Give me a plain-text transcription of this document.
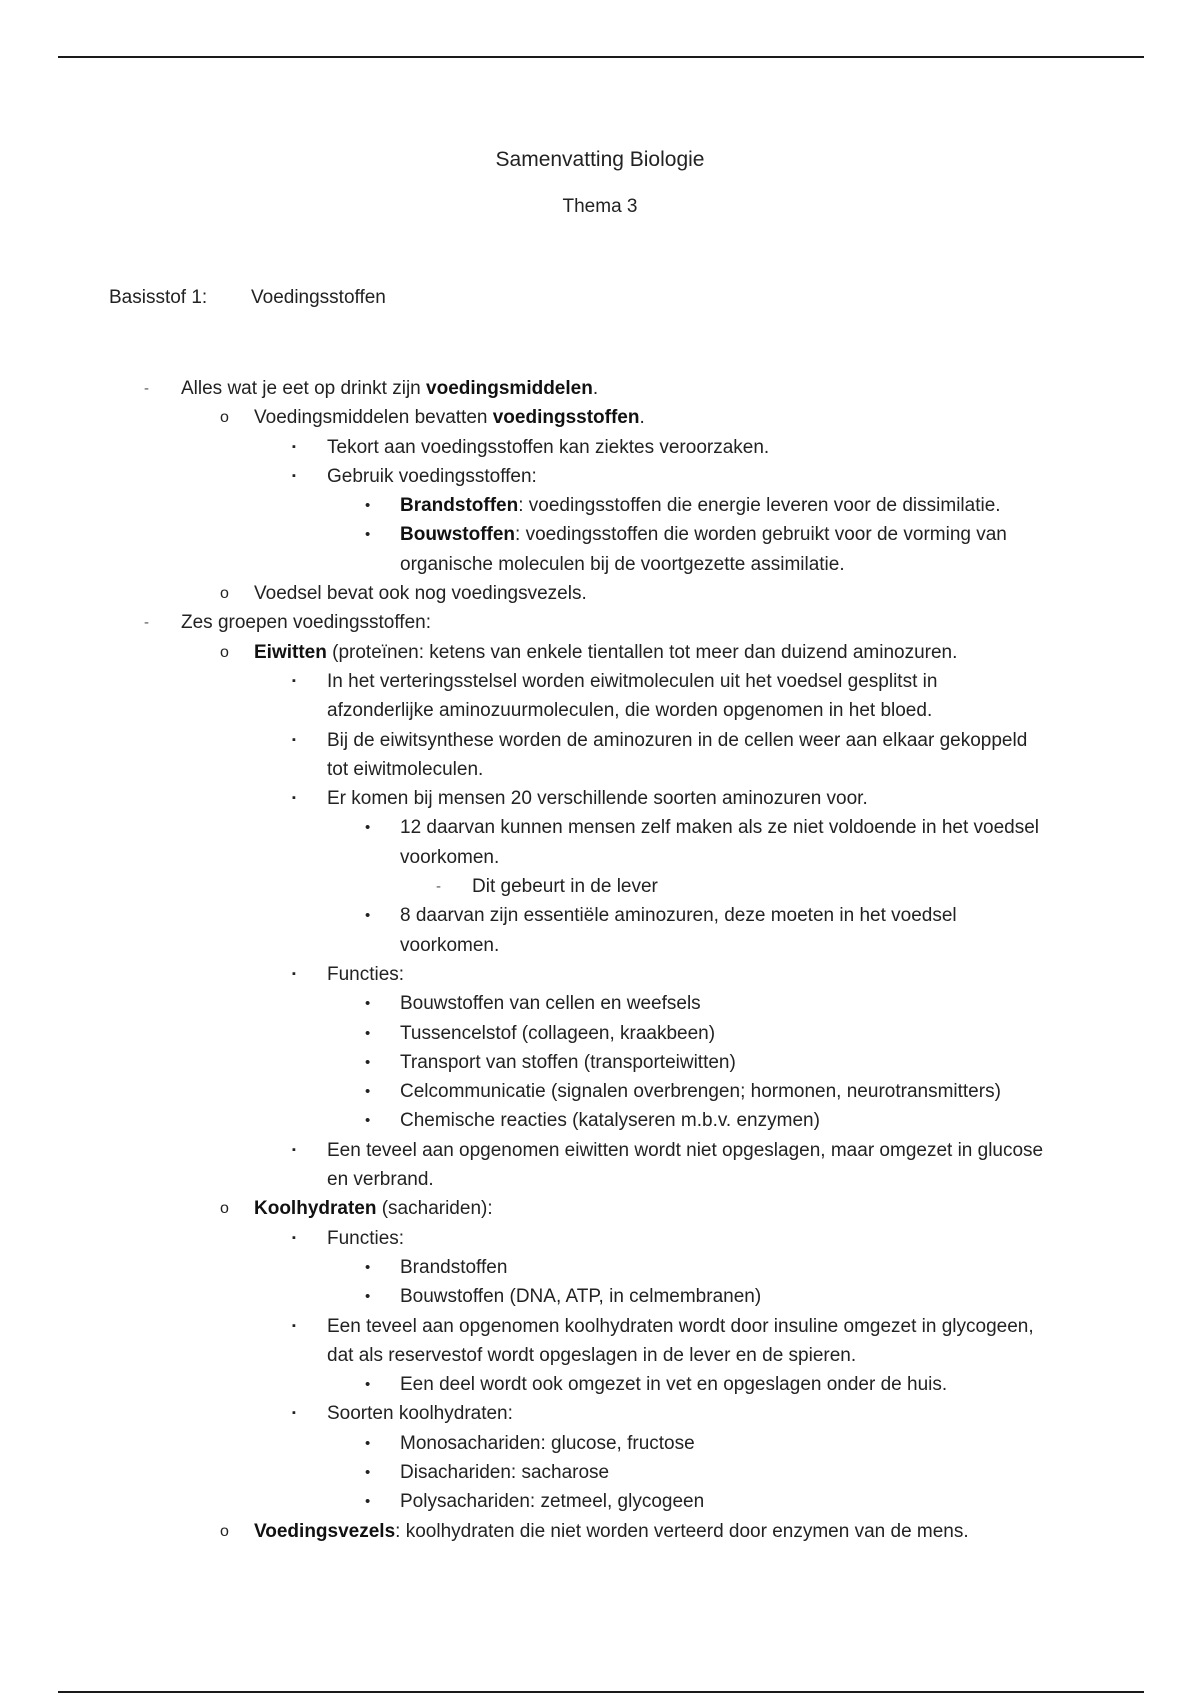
Samenvatting Biologie
Thema 3
Basisstof 1: Voedingsstoffen
- Alles wat je eet op drinkt zijn voedingsmiddelen.
o Voedingsmiddelen bevatten voedingsstoffen.
▪ Tekort aan voedingsstoffen kan ziektes veroorzaken.
▪ Gebruik voedingsstoffen:
• Brandstoffen: voedingsstoffen die energie leveren voor de dissimilatie.
• Bouwstoffen: voedingsstoffen die worden gebruikt voor de vorming van
organische moleculen bij de voortgezette assimilatie.
o Voedsel bevat ook nog voedingsvezels.
- Zes groepen voedingsstoffen:
o Eiwitten (proteïnen: ketens van enkele tientallen tot meer dan duizend aminozuren.
▪ In het verteringsstelsel worden eiwitmoleculen uit het voedsel gesplitst in
afzonderlijke aminozuurmoleculen, die worden opgenomen in het bloed.
▪ Bij de eiwitsynthese worden de aminozuren in de cellen weer aan elkaar gekoppeld
tot eiwitmoleculen.
▪ Er komen bij mensen 20 verschillende soorten aminozuren voor.
• 12 daarvan kunnen mensen zelf maken als ze niet voldoende in het voedsel
voorkomen.
- Dit gebeurt in de lever
• 8 daarvan zijn essentiële aminozuren, deze moeten in het voedsel
voorkomen.
▪ Functies:
• Bouwstoffen van cellen en weefsels
• Tussencelstof (collageen, kraakbeen)
• Transport van stoffen (transporteiwitten)
• Celcommunicatie (signalen overbrengen; hormonen, neurotransmitters)
• Chemische reacties (katalyseren m.b.v. enzymen)
▪ Een teveel aan opgenomen eiwitten wordt niet opgeslagen, maar omgezet in glucose
en verbrand.
o Koolhydraten (sachariden):
▪ Functies:
• Brandstoffen
• Bouwstoffen (DNA, ATP, in celmembranen)
▪ Een teveel aan opgenomen koolhydraten wordt door insuline omgezet in glycogeen,
dat als reservestof wordt opgeslagen in de lever en de spieren.
• Een deel wordt ook omgezet in vet en opgeslagen onder de huis.
▪ Soorten koolhydraten:
• Monosachariden: glucose, fructose
• Disachariden: sacharose
• Polysachariden: zetmeel, glycogeen
o Voedingsvezels: koolhydraten die niet worden verteerd door enzymen van de mens.
